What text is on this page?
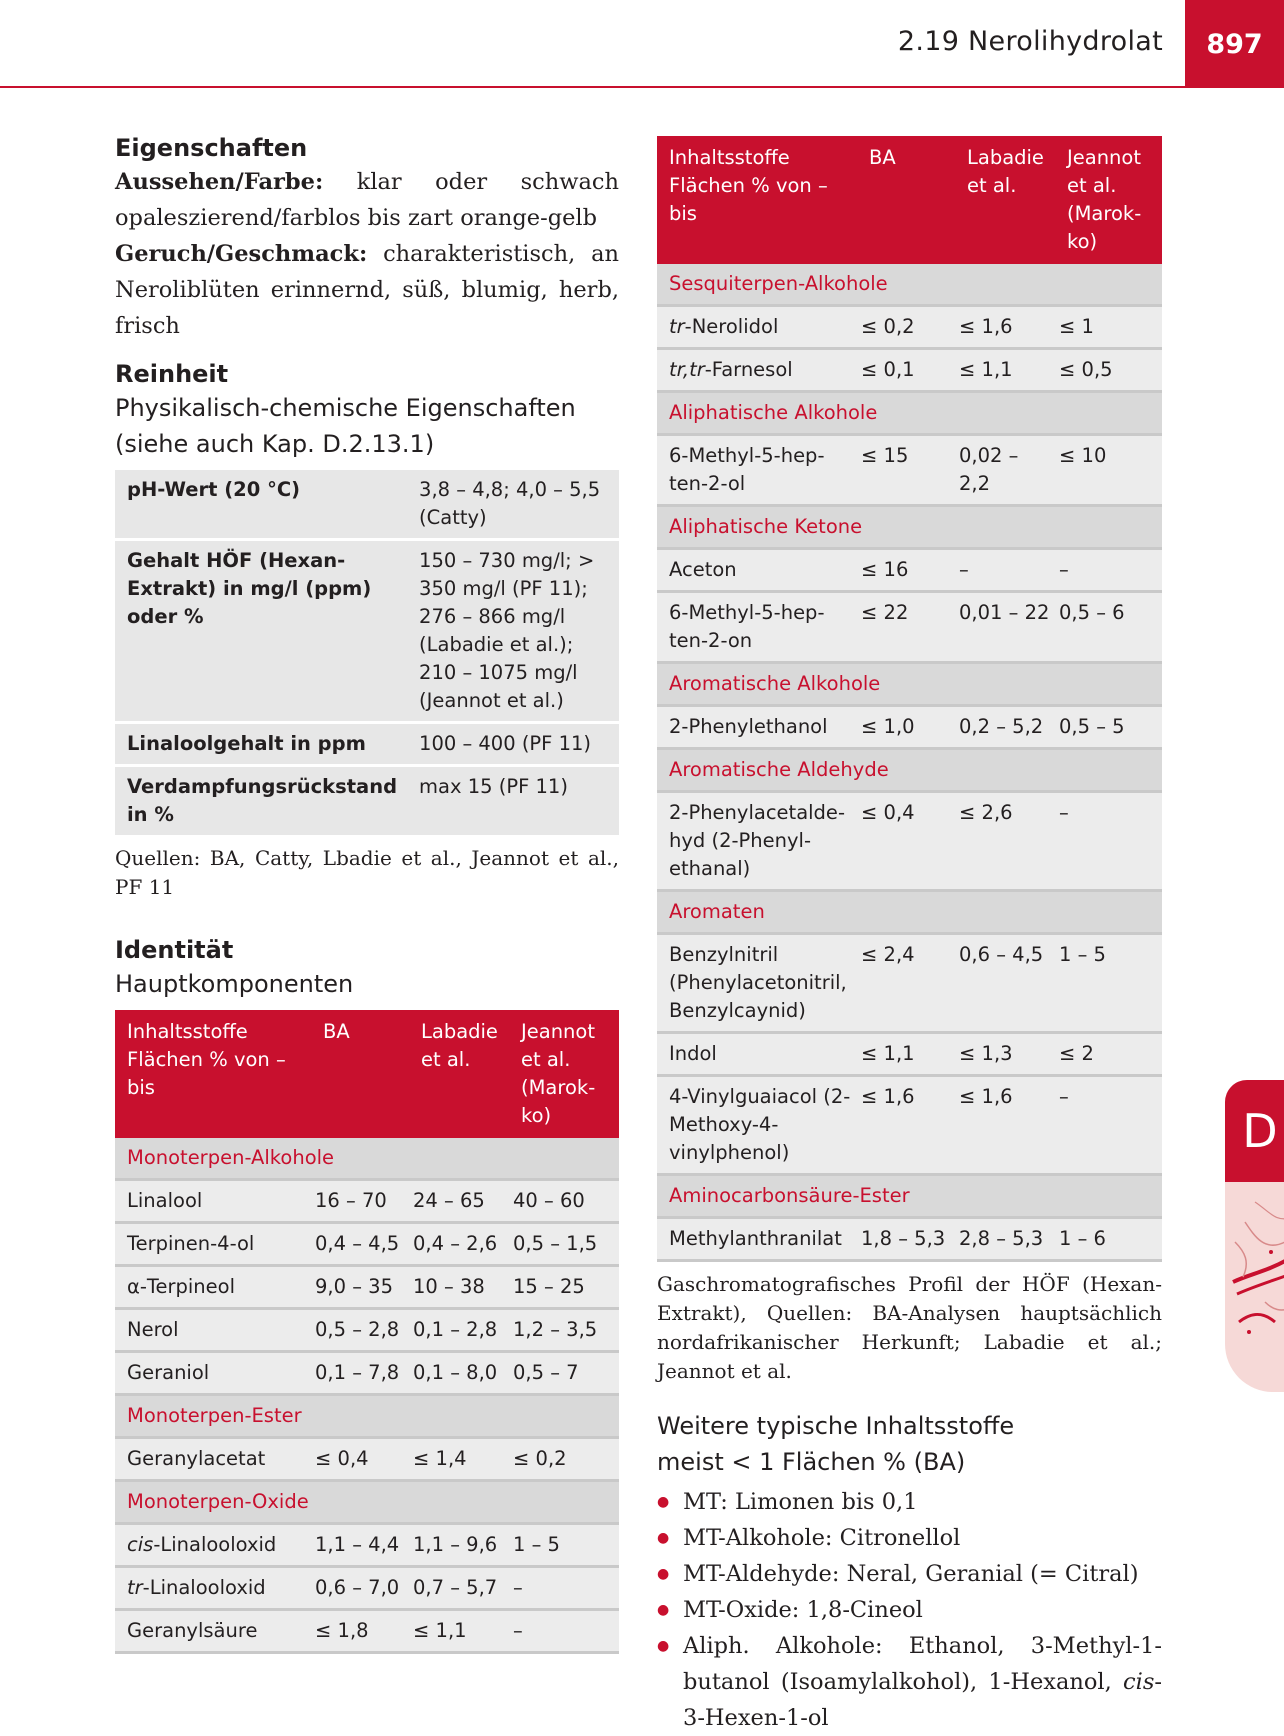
2.19 Nerolihydrolat	897
D
Eigenschaften
Aussehen/Farbe: klar oder schwach opaleszierend/farblos bis zart orange-gelb
Geruch/Geschmack: charakteristisch, an Neroliblüten erinnernd, süß, blumig, herb, frisch
Reinheit
Physikalisch-chemische Eigenschaften (siehe auch Kap. D.2.13.1)
pH-Wert (20 °C)	3,8 – 4,8; 4,0 – 5,5 (Catty)
Gehalt HÖF (Hexan-Extrakt) in mg/l (ppm) oder %	150 – 730 mg/l; > 350 mg/l (PF 11); 276 – 866 mg/l (Labadie et al.); 210 – 1075 mg/l (Jeannot et al.)
Linaloolgehalt in ppm	100 – 400 (PF 11)
Verdampfungsrückstand in %	max 15 (PF 11)
Quellen: BA, Catty, Lbadie et al., Jeannot et al., PF 11
Identität
Hauptkomponenten
Inhaltsstoffe Flächen % von – bis	BA	Labadie et al.	Jeannot et al. (Marokko)
Monoterpen-Alkohole			
Linalool	16 – 70	24 – 65	40 – 60
Terpinen-4-ol	0,4 – 4,5	0,4 – 2,6	0,5 – 1,5
α-Terpineol	9,0 – 35	10 – 38	15 – 25
Nerol	0,5 – 2,8	0,1 – 2,8	1,2 – 3,5
Geraniol	0,1 – 7,8	0,1 – 8,0	0,5 – 7
Monoterpen-Ester			
Geranylacetat	≤ 0,4	≤ 1,4	≤ 0,2
Monoterpen-Oxide			
cis-Linalooloxid	1,1 – 4,4	1,1 – 9,6	1 – 5
tr-Linalooloxid	0,6 – 7,0	0,7 – 5,7	–
Geranylsäure	≤ 1,8	≤ 1,1	–
Inhaltsstoffe Flächen % von – bis	BA	Labadie et al.	Jeannot et al. (Marokko)
Sesquiterpen-Alkohole			
tr-Nerolidol	≤ 0,2	≤ 1,6	≤ 1
tr,tr-Farnesol	≤ 0,1	≤ 1,1	≤ 0,5
Aliphatische Alkohole			
6-Methyl-5-hepten-2-ol	≤ 15	0,02 – 2,2	≤ 10
Aliphatische Ketone			
Aceton	≤ 16	–	–
6-Methyl-5-hepten-2-on	≤ 22	0,01 – 22	0,5 – 6
Aromatische Alkohole			
2-Phenylethanol	≤ 1,0	0,2 – 5,2	0,5 – 5
Aromatische Aldehyde			
2-Phenylacetaldehyd (2-Phenylethanal)	≤ 0,4	≤ 2,6	–
Aromaten			
Benzylnitril (Phenylacetonitril, Benzylcaynid)	≤ 2,4	0,6 – 4,5	1 – 5
Indol	≤ 1,1	≤ 1,3	≤ 2
4-Vinylguaiacol (2-Methoxy-4-vinylphenol)	≤ 1,6	≤ 1,6	–
Aminocarbonsäure-Ester			
Methylanthranilat	1,8 – 5,3	2,8 – 5,3	1 – 6
Gaschromatografisches Profil der HÖF (Hexan-Extrakt), Quellen: BA-Analysen hauptsächlich nordafrikanischer Herkunft; Labadie et al.; Jeannot et al.
Weitere typische Inhaltsstoffe
meist < 1 Flächen % (BA)
● MT: Limonen bis 0,1
● MT-Alkohole: Citronellol
● MT-Aldehyde: Neral, Geranial (= Citral)
● MT-Oxide: 1,8-Cineol
● Aliph. Alkohole: Ethanol, 3-Methyl-1-butanol (Isoamylalkohol), 1-Hexanol, cis-3-Hexen-1-ol
